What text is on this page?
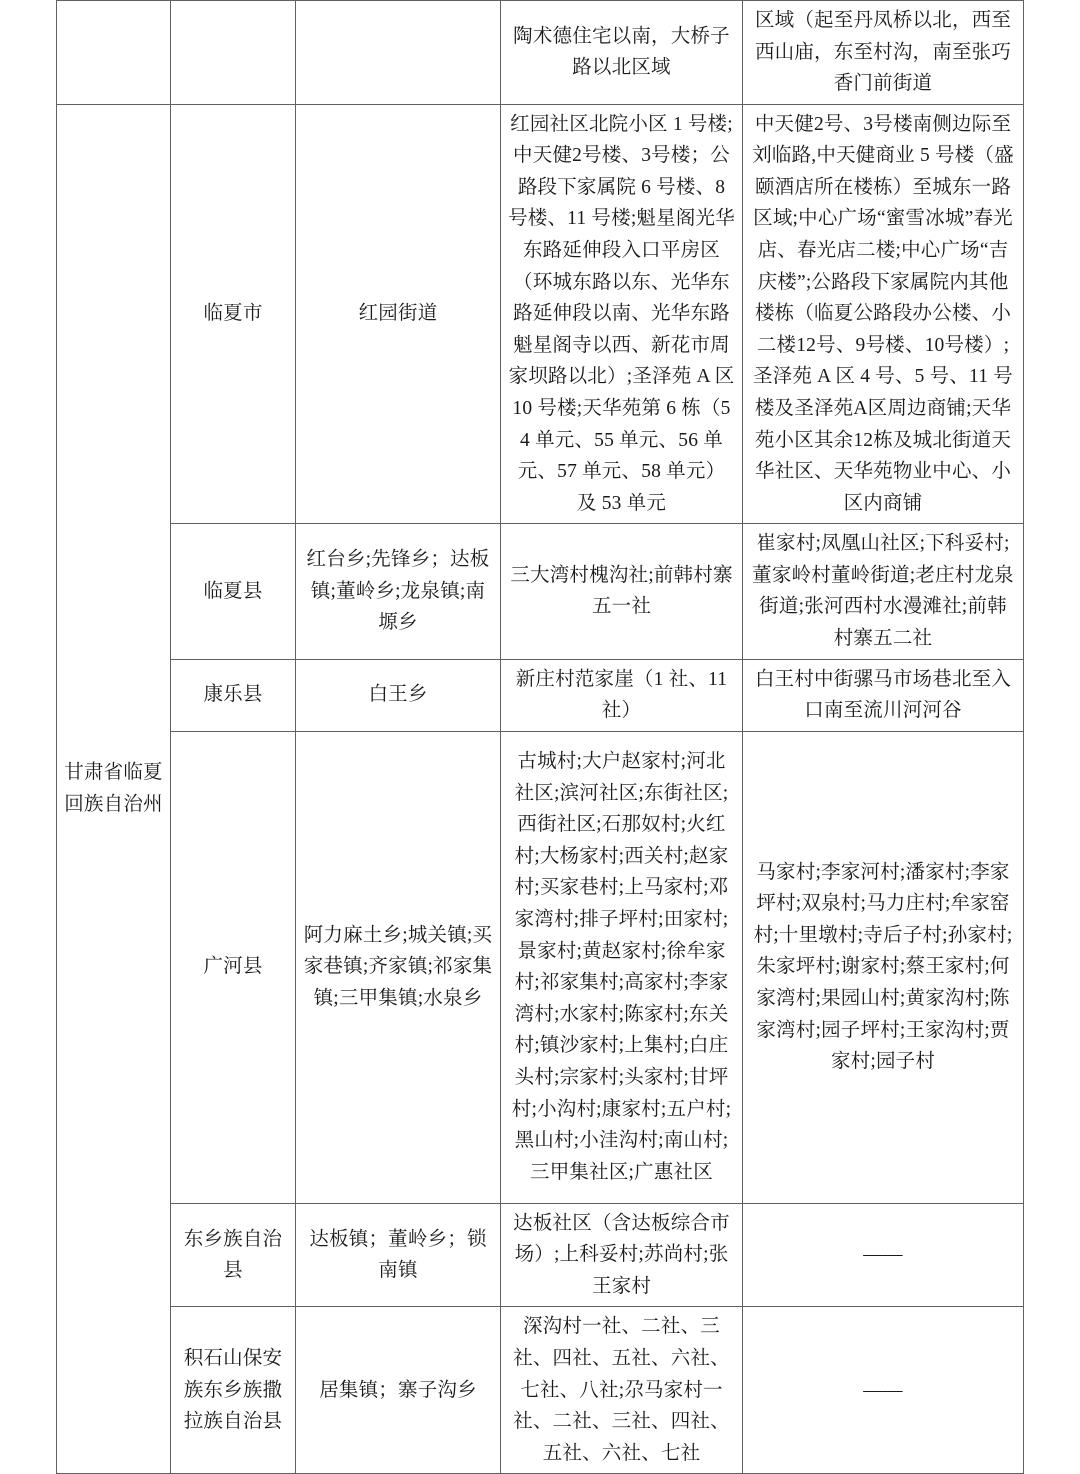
			陶术德住宅以南，大桥子路以北区域	区域（起至丹凤桥以北，西至西山庙，东至村沟，南至张巧香门前街道
甘肃省临夏回族自治州	临夏市	红园街道	红园社区北院小区 1 号楼;中天健2号楼、3号楼；公路段下家属院 6 号楼、8 号楼、11 号楼;魁星阁光华东路延伸段入口平房区（环城东路以东、光华东路延伸段以南、光华东路魁星阁寺以西、新花市周家坝路以北）;圣泽苑 A 区 10 号楼;天华苑第 6 栋（54 单元、55 单元、56 单元、57 单元、58 单元）及 53 单元	中天健2号、3号楼南侧边际至刘临路,中天健商业 5 号楼（盛颐酒店所在楼栋）至城东一路区域;中心广场“蜜雪冰城”春光店、春光店二楼;中心广场“吉庆楼”;公路段下家属院内其他楼栋（临夏公路段办公楼、小二楼12号、9号楼、10号楼）;圣泽苑 A 区 4 号、5 号、11 号楼及圣泽苑A区周边商铺;天华苑小区其余12栋及城北街道天华社区、天华苑物业中心、小区内商铺
	临夏县	红台乡;先锋乡；达板镇;董岭乡;龙泉镇;南塬乡	三大湾村槐沟社;前韩村寨五一社	崔家村;凤凰山社区;下科妥村;董家岭村董岭街道;老庄村龙泉街道;张河西村水漫滩社;前韩村寨五二社
	康乐县	白王乡	新庄村范家崖（1 社、11 社）	白王村中街骡马市场巷北至入口南至流川河河谷
	广河县	阿力麻土乡;城关镇;买家巷镇;齐家镇;祁家集镇;三甲集镇;水泉乡	古城村;大户赵家村;河北社区;滨河社区;东街社区;西街社区;石那奴村;火红村;大杨家村;西关村;赵家村;买家巷村;上马家村;邓家湾村;排子坪村;田家村;景家村;黄赵家村;徐牟家村;祁家集村;高家村;李家湾村;水家村;陈家村;东关村;镇沙家村;上集村;白庄头村;宗家村;头家村;甘坪村;小沟村;康家村;五户村;黑山村;小洼沟村;南山村;三甲集社区;广惠社区	马家村;李家河村;潘家村;李家坪村;双泉村;马力庄村;牟家窑村;十里墩村;寺后子村;孙家村;朱家坪村;谢家村;蔡王家村;何家湾村;果园山村;黄家沟村;陈家湾村;园子坪村;王家沟村;贾家村;园子村
	东乡族自治县	达板镇；董岭乡；锁南镇	达板社区（含达板综合市场）;上科妥村;苏尚村;张王家村	——
	积石山保安族东乡族撒拉族自治县	居集镇；寨子沟乡	深沟村一社、二社、三社、四社、五社、六社、七社、八社;尕马家村一社、二社、三社、四社、五社、六社、七社	——
